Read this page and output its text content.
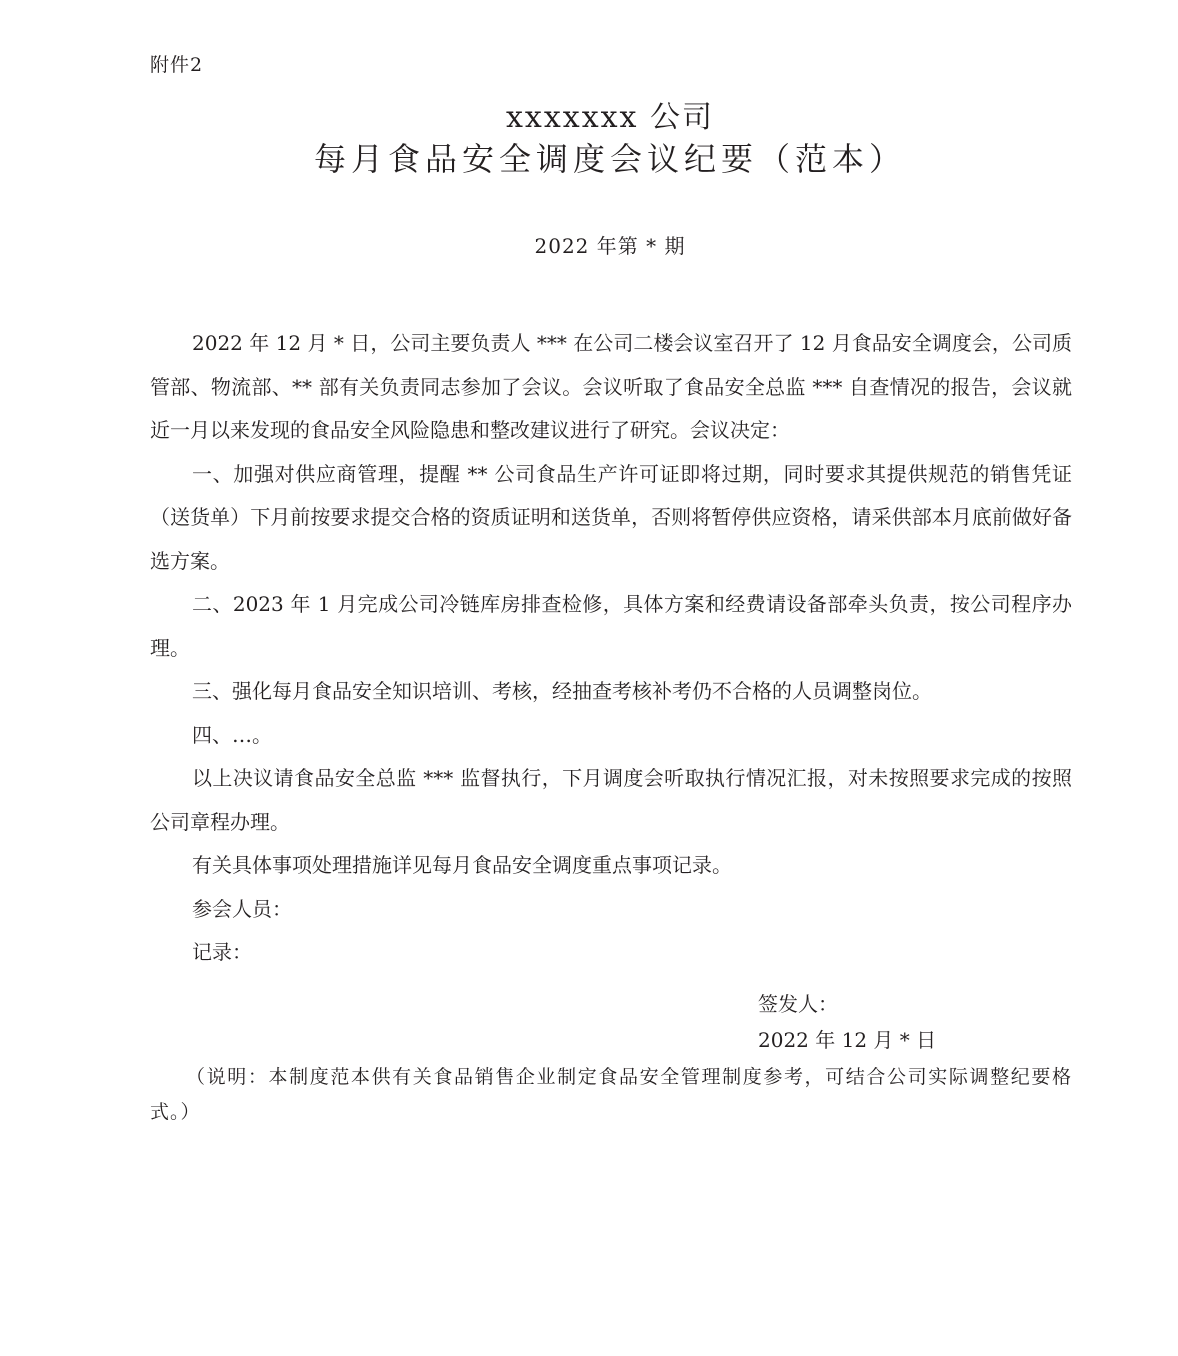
附件2
xxxxxxx 公司
每月食品安全调度会议纪要（范本）
2022 年第 * 期

2022 年 12 月 * 日，公司主要负责人 *** 在公司二楼会议室召开了 12 月食品安全调度会，公司质管部、物流部、** 部有关负责同志参加了会议。会议听取了食品安全总监 *** 自查情况的报告，会议就近一月以来发现的食品安全风险隐患和整改建议进行了研究。会议决定：

一、加强对供应商管理，提醒 ** 公司食品生产许可证即将过期，同时要求其提供规范的销售凭证（送货单）下月前按要求提交合格的资质证明和送货单，否则将暂停供应资格，请采供部本月底前做好备选方案。

二、2023 年 1 月完成公司冷链库房排查检修，具体方案和经费请设备部牵头负责，按公司程序办理。

三、强化每月食品安全知识培训、考核，经抽查考核补考仍不合格的人员调整岗位。

四、…。

以上决议请食品安全总监 *** 监督执行，下月调度会听取执行情况汇报，对未按照要求完成的按照公司章程办理。

有关具体事项处理措施详见每月食品安全调度重点事项记录。

参会人员：

记录：

签发人：
2022 年 12 月 * 日
（说明：本制度范本供有关食品销售企业制定食品安全管理制度参考，可结合公司实际调整纪要格式。）
